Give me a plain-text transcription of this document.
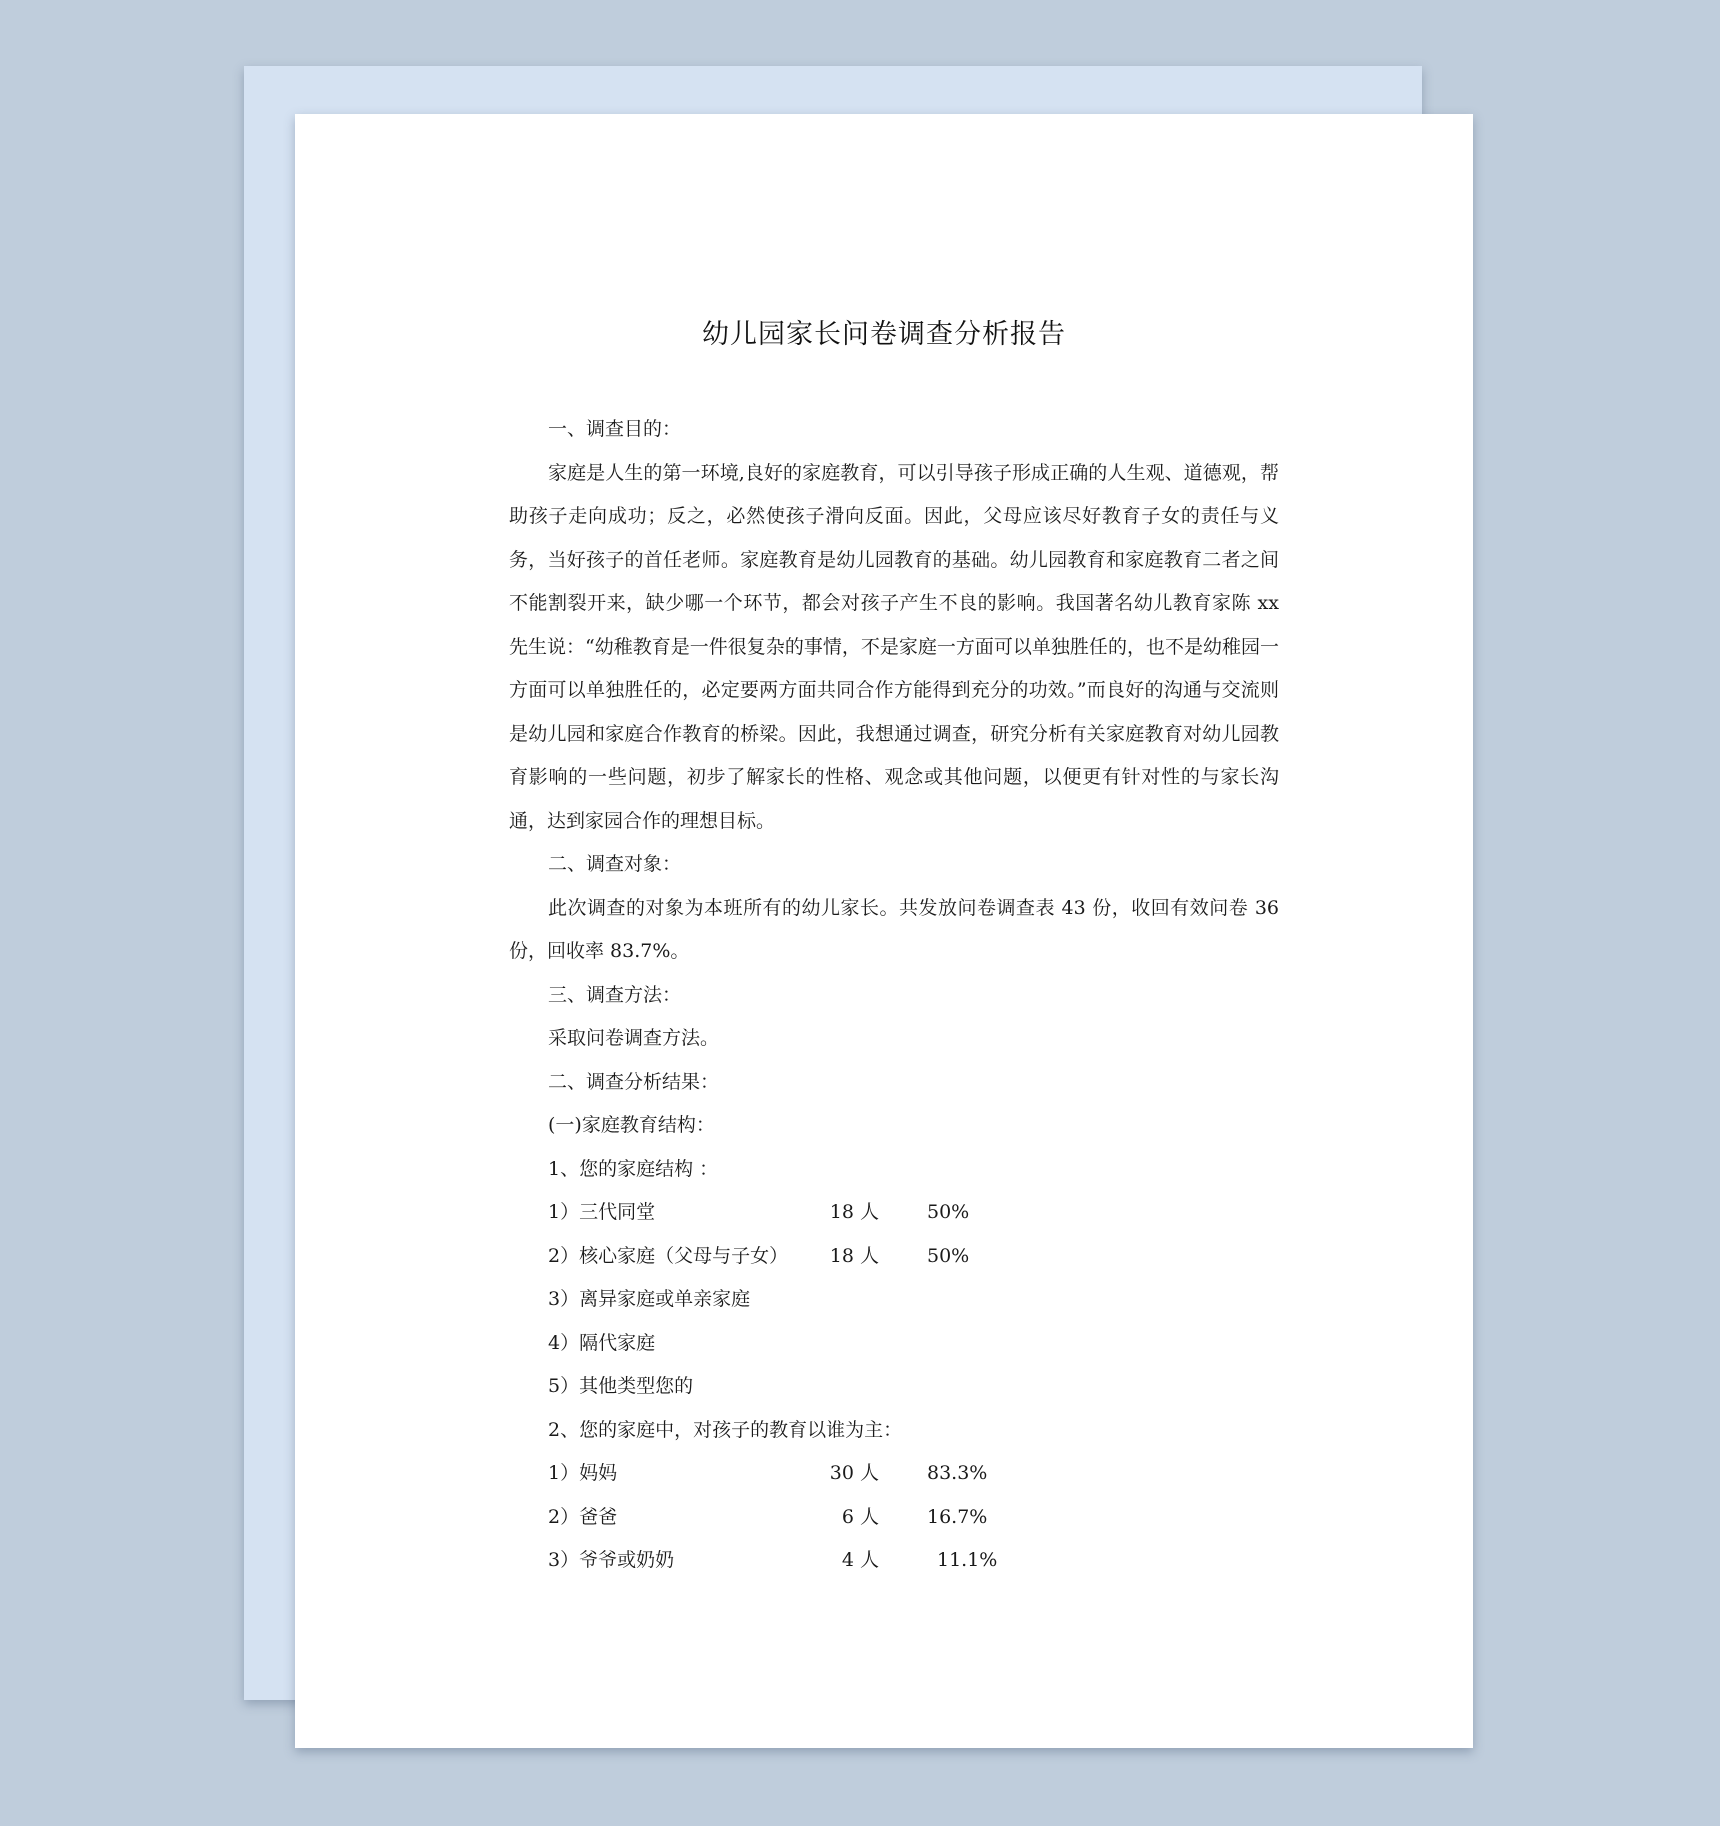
幼儿园家长问卷调查分析报告
一、调查目的：

家庭是人生的第一环境,良好的家庭教育，可以引导孩子形成正确的人生观、道德观，帮助孩子走向成功；反之，必然使孩子滑向反面。因此，父母应该尽好教育子女的责任与义务，当好孩子的首任老师。家庭教育是幼儿园教育的基础。幼儿园教育和家庭教育二者之间不能割裂开来，缺少哪一个环节，都会对孩子产生不良的影响。我国著名幼儿教育家陈 xx 先生说：“幼稚教育是一件很复杂的事情，不是家庭一方面可以单独胜任的，也不是幼稚园一方面可以单独胜任的，必定要两方面共同合作方能得到充分的功效。”而良好的沟通与交流则是幼儿园和家庭合作教育的桥梁。因此，我想通过调查，研究分析有关家庭教育对幼儿园教育影响的一些问题，初步了解家长的性格、观念或其他问题，以便更有针对性的与家长沟通，达到家园合作的理想目标。

二、调查对象：

此次调查的对象为本班所有的幼儿家长。共发放问卷调查表 43 份，收回有效问卷 36 份，回收率 83.7%。

三、调查方法：
采取问卷调查方法。
二、调查分析结果：
(一)家庭教育结构：
1、您的家庭结构 ：
1）三代同堂	18 人	50%
2）核心家庭（父母与子女）	18 人	50%
3）离异家庭或单亲家庭
4）隔代家庭
5）其他类型您的
2、您的家庭中，对孩子的教育以谁为主：
1）妈妈	30 人	83.3%
2）爸爸	6 人	16.7%
3）爷爷或奶奶	4 人	11.1%
